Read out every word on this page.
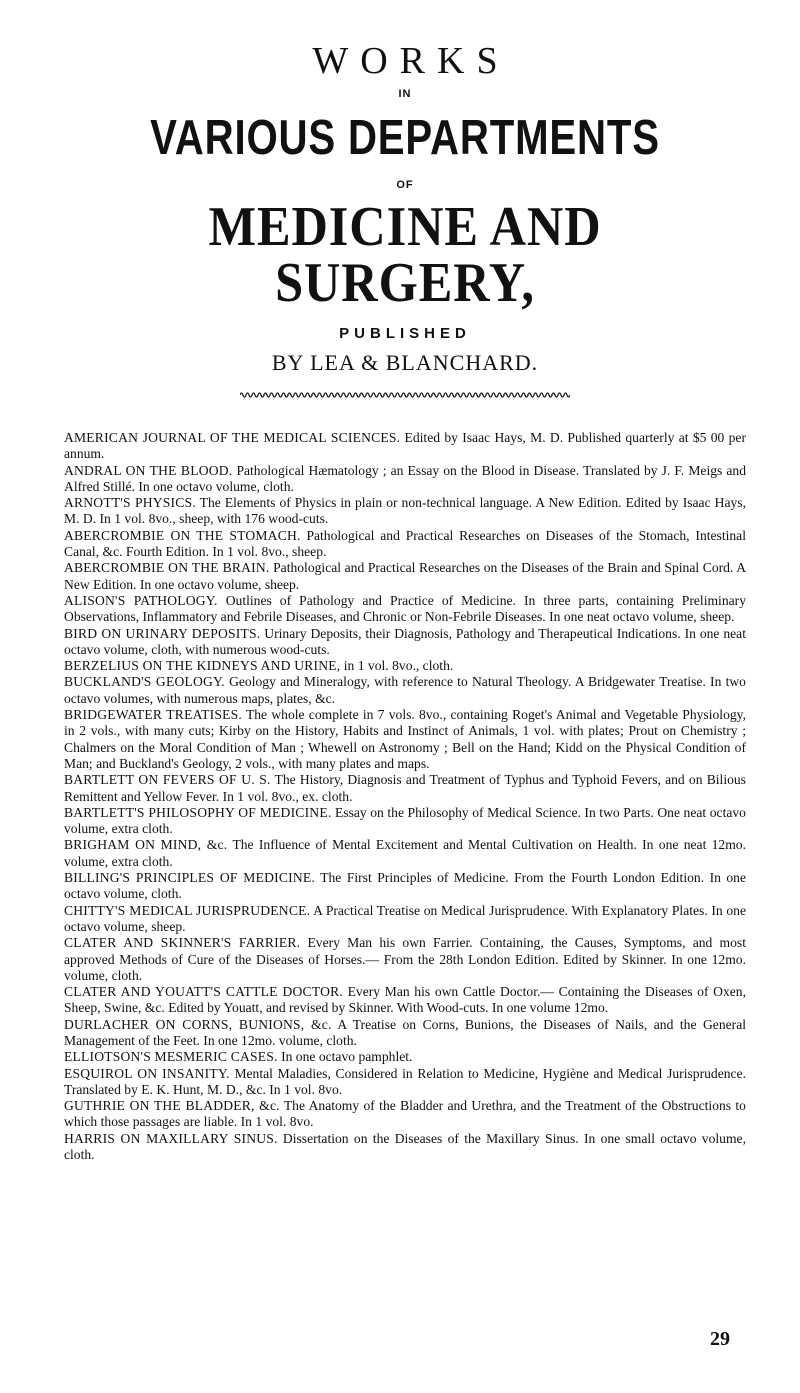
WORKS
IN
VARIOUS DEPARTMENTS
OF
MEDICINE AND SURGERY,
PUBLISHED
BY LEA & BLANCHARD.

AMERICAN JOURNAL OF THE MEDICAL SCIENCES. Edited by Isaac Hays, M. D. Published quarterly at $5 00 per annum.

ANDRAL ON THE BLOOD. Pathological Hæmatology ; an Essay on the Blood in Disease. Translated by J. F. Meigs and Alfred Stillé. In one octavo volume, cloth.

ARNOTT'S PHYSICS. The Elements of Physics in plain or non-technical language. A New Edition. Edited by Isaac Hays, M. D. In 1 vol. 8vo., sheep, with 176 wood-cuts.

ABERCROMBIE ON THE STOMACH. Pathological and Practical Researches on Diseases of the Stomach, Intestinal Canal, &c. Fourth Edition. In 1 vol. 8vo., sheep.

ABERCROMBIE ON THE BRAIN. Pathological and Practical Researches on the Diseases of the Brain and Spinal Cord. A New Edition. In one octavo volume, sheep.

ALISON'S PATHOLOGY. Outlines of Pathology and Practice of Medicine. In three parts, containing Preliminary Observations, Inflammatory and Febrile Diseases, and Chronic or Non-Febrile Diseases. In one neat octavo volume, sheep.

BIRD ON URINARY DEPOSITS. Urinary Deposits, their Diagnosis, Pathology and Therapeutical Indications. In one neat octavo volume, cloth, with numerous wood-cuts.

BERZELIUS ON THE KIDNEYS AND URINE, in 1 vol. 8vo., cloth.

BUCKLAND'S GEOLOGY. Geology and Mineralogy, with reference to Natural Theology. A Bridgewater Treatise. In two octavo volumes, with numerous maps, plates, &c.

BRIDGEWATER TREATISES. The whole complete in 7 vols. 8vo., containing Roget's Animal and Vegetable Physiology, in 2 vols., with many cuts; Kirby on the History, Habits and Instinct of Animals, 1 vol. with plates; Prout on Chemistry ; Chalmers on the Moral Condition of Man ; Whewell on Astronomy ; Bell on the Hand; Kidd on the Physical Condition of Man; and Buckland's Geology, 2 vols., with many plates and maps.

BARTLETT ON FEVERS OF U. S. The History, Diagnosis and Treatment of Typhus and Typhoid Fevers, and on Bilious Remittent and Yellow Fever. In 1 vol. 8vo., ex. cloth.

BARTLETT'S PHILOSOPHY OF MEDICINE. Essay on the Philosophy of Medical Science. In two Parts. One neat octavo volume, extra cloth.

BRIGHAM ON MIND, &c. The Influence of Mental Excitement and Mental Cultivation on Health. In one neat 12mo. volume, extra cloth.

BILLING'S PRINCIPLES OF MEDICINE. The First Principles of Medicine. From the Fourth London Edition. In one octavo volume, cloth.

CHITTY'S MEDICAL JURISPRUDENCE. A Practical Treatise on Medical Jurisprudence. With Explanatory Plates. In one octavo volume, sheep.

CLATER AND SKINNER'S FARRIER. Every Man his own Farrier. Containing, the Causes, Symptoms, and most approved Methods of Cure of the Diseases of Horses.— From the 28th London Edition. Edited by Skinner. In one 12mo. volume, cloth.

CLATER AND YOUATT'S CATTLE DOCTOR. Every Man his own Cattle Doctor.— Containing the Diseases of Oxen, Sheep, Swine, &c. Edited by Youatt, and revised by Skinner. With Wood-cuts. In one volume 12mo.

DURLACHER ON CORNS, BUNIONS, &c. A Treatise on Corns, Bunions, the Diseases of Nails, and the General Management of the Feet. In one 12mo. volume, cloth.

ELLIOTSON'S MESMERIC CASES. In one octavo pamphlet.

ESQUIROL ON INSANITY. Mental Maladies, Considered in Relation to Medicine, Hygiène and Medical Jurisprudence. Translated by E. K. Hunt, M. D., &c. In 1 vol. 8vo.

GUTHRIE ON THE BLADDER, &c. The Anatomy of the Bladder and Urethra, and the Treatment of the Obstructions to which those passages are liable. In 1 vol. 8vo.

HARRIS ON MAXILLARY SINUS. Dissertation on the Diseases of the Maxillary Sinus. In one small octavo volume, cloth.

29
